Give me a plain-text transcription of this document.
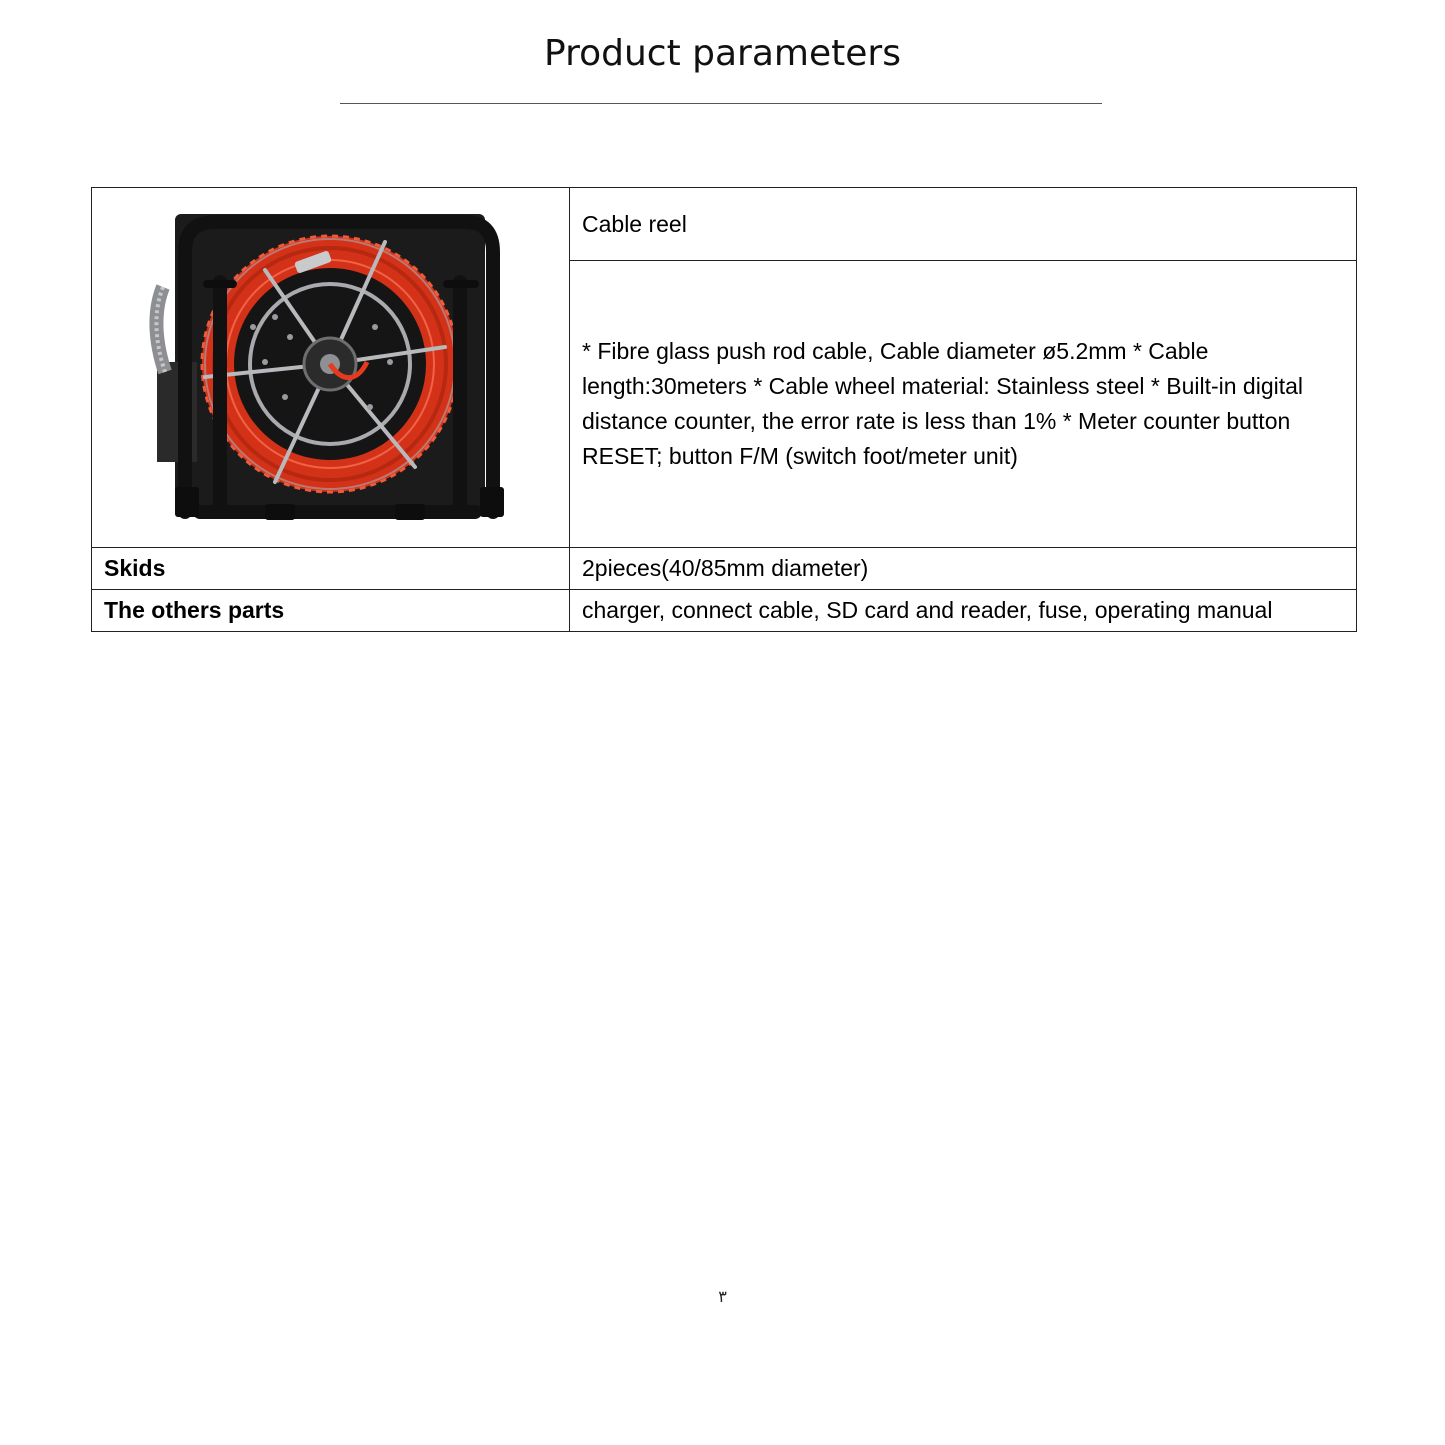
Product parameters
	Cable reel
	* Fibre glass push rod cable, Cable diameter ø5.2mm * Cable length:30meters * Cable wheel material: Stainless steel * Built-in digital distance counter, the error rate is less than 1% * Meter counter button RESET; button F/M (switch foot/meter unit)
Skids	2pieces(40/85mm diameter)
The others parts	charger, connect cable, SD card and reader, fuse, operating manual
٣
